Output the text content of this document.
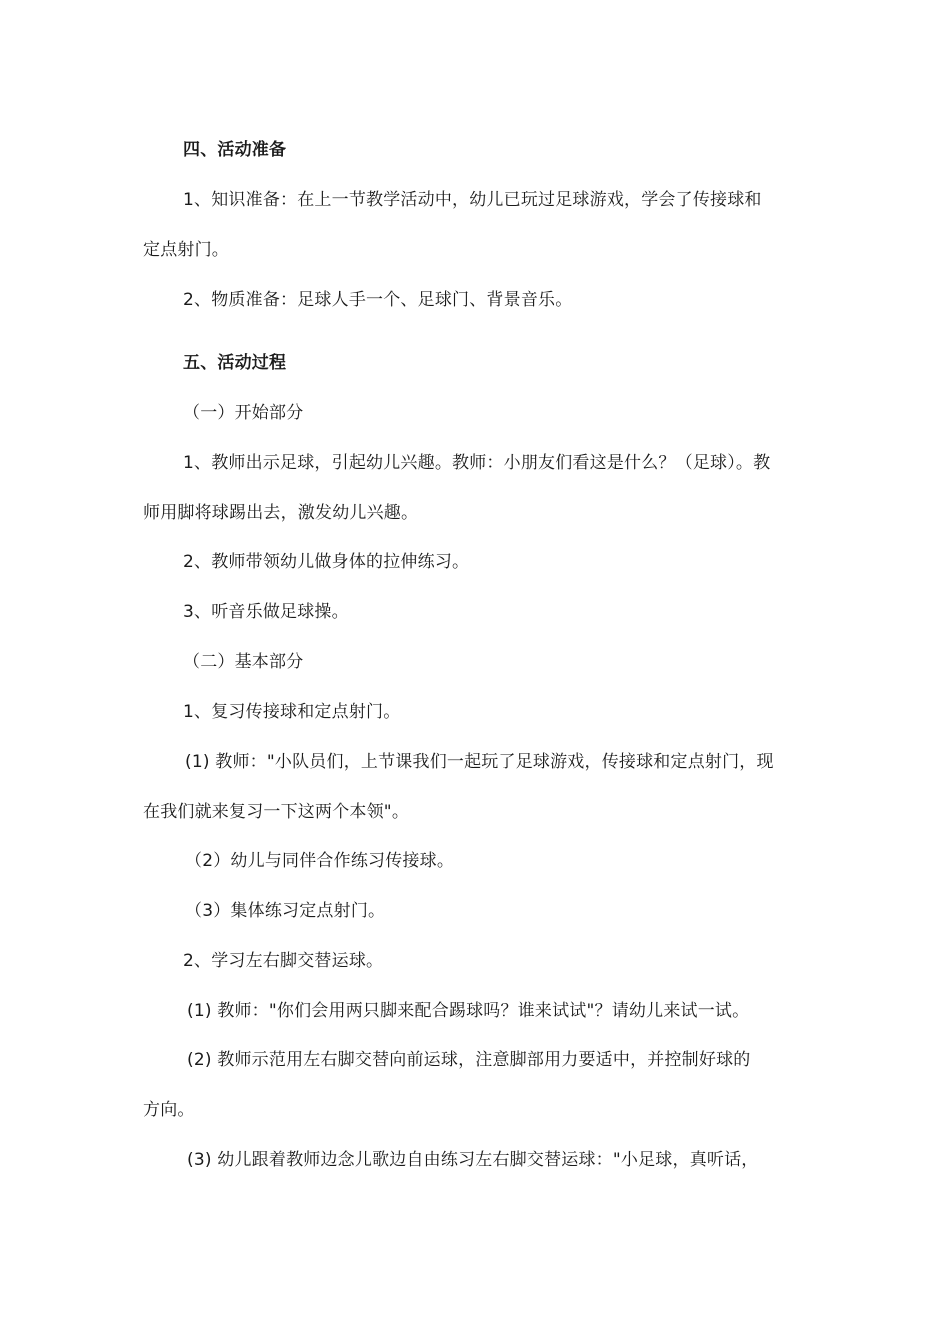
四、活动准备
1、知识准备：在上一节教学活动中，幼儿已玩过足球游戏，学会了传接球和
定点射门。
2、物质准备：足球人手一个、足球门、背景音乐。
五、活动过程
（一）开始部分
1、教师出示足球，引起幼儿兴趣。教师：小朋友们看这是什么？（足球）。教
师用脚将球踢出去，激发幼儿兴趣。
2、教师带领幼儿做身体的拉伸练习。
3、听音乐做足球操。
（二）基本部分
1、复习传接球和定点射门。
(1) 教师："小队员们，上节课我们一起玩了足球游戏，传接球和定点射门，现
在我们就来复习一下这两个本领"。
（2）幼儿与同伴合作练习传接球。
（3）集体练习定点射门。
2、学习左右脚交替运球。
(1) 教师："你们会用两只脚来配合踢球吗？谁来试试"？请幼儿来试一试。
(2) 教师示范用左右脚交替向前运球，注意脚部用力要适中，并控制好球的
方向。
(3) 幼儿跟着教师边念儿歌边自由练习左右脚交替运球："小足球，真听话，
